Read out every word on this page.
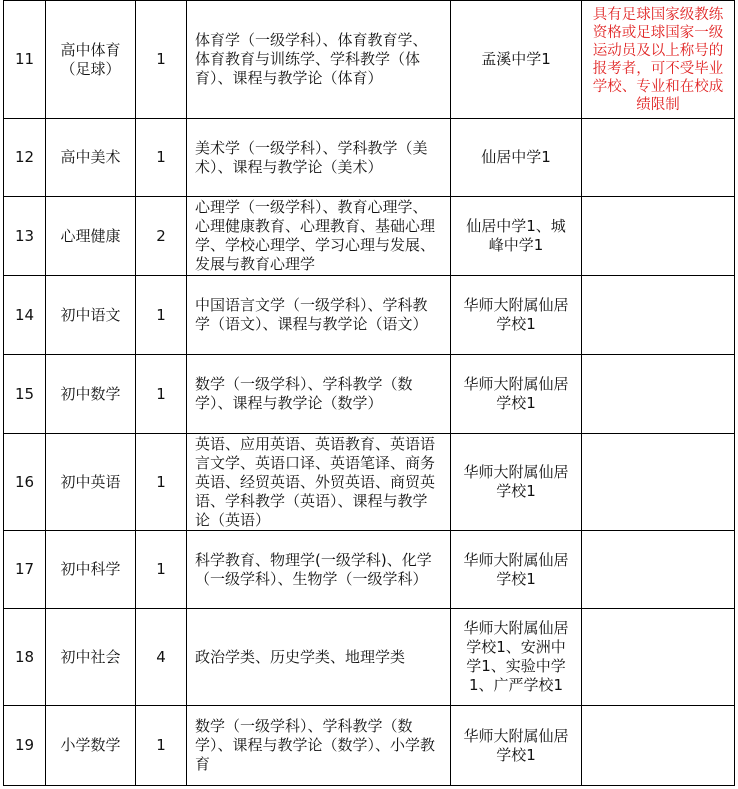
11	高中体育（足球）	1	体育学（一级学科）、体育教育学、体育教育与训练学、学科教学（体育）、课程与教学论（体育）	孟溪中学1	具有足球国家级教练资格或足球国家一级运动员及以上称号的报考者，可不受毕业学校、专业和在校成绩限制
12	高中美术	1	美术学（一级学科）、学科教学（美术）、课程与教学论（美术）	仙居中学1	
13	心理健康	2	心理学（一级学科）、教育心理学、心理健康教育、心理教育、基础心理学、学校心理学、学习心理与发展、发展与教育心理学	仙居中学1、城峰中学1	
14	初中语文	1	中国语言文学（一级学科）、学科教学（语文）、课程与教学论（语文）	华师大附属仙居学校1	
15	初中数学	1	数学（一级学科）、学科教学（数学）、课程与教学论（数学）	华师大附属仙居学校1	
16	初中英语	1	英语、应用英语、英语教育、英语语言文学、英语口译、英语笔译、商务英语、经贸英语、外贸英语、商贸英语、学科教学（英语）、课程与教学论（英语）	华师大附属仙居学校1	
17	初中科学	1	科学教育、物理学(一级学科)、化学（一级学科）、生物学（一级学科）	华师大附属仙居学校1	
18	初中社会	4	政治学类、历史学类、地理学类	华师大附属仙居学校1、安洲中学1、实验中学1、广严学校1	
19	小学数学	1	数学（一级学科）、学科教学（数学）、课程与教学论（数学）、小学教育	华师大附属仙居学校1	
